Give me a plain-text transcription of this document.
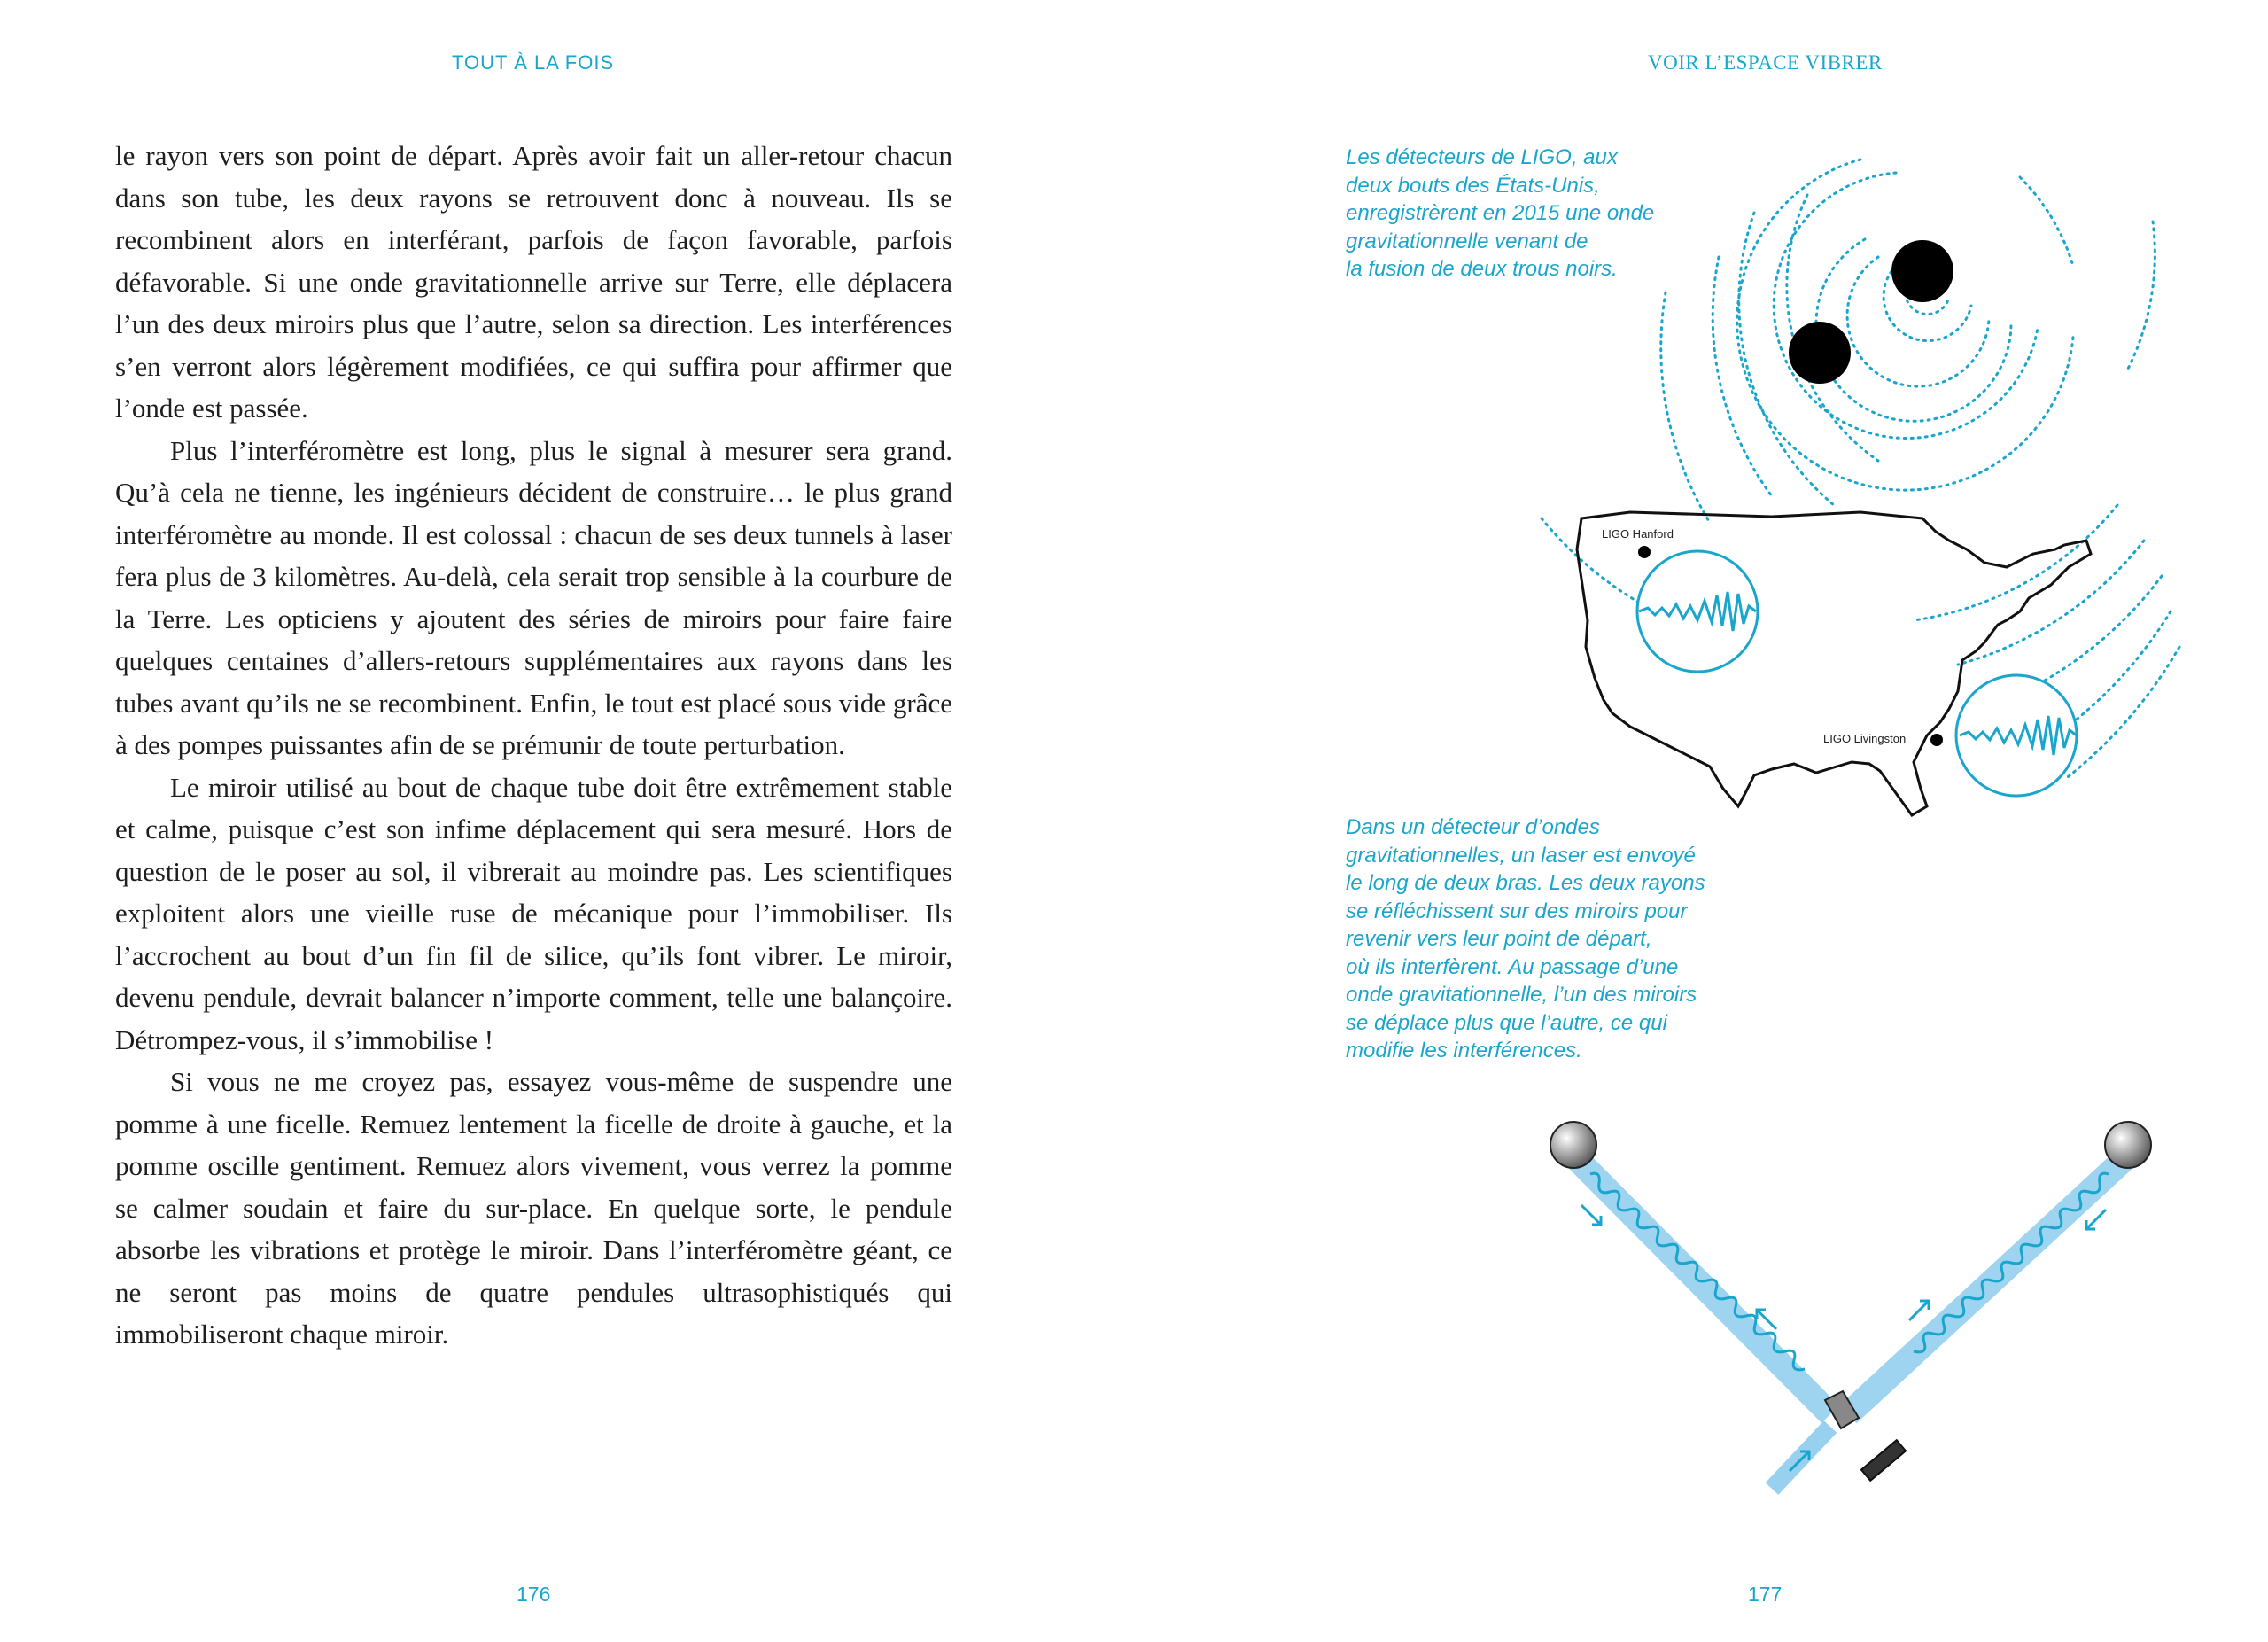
TOUT À LA FOIS

le rayon vers son point de départ. Après avoir fait un aller-retour chacun dans son tube, les deux rayons se retrouvent donc à nouveau. Ils se recombinent alors en interférant, parfois de façon favorable, parfois défavorable. Si une onde gravitationnelle arrive sur Terre, elle déplacera l’un des deux miroirs plus que l’autre, selon sa direction. Les interférences s’en verront alors légèrement modifiées, ce qui suffira pour affirmer que l’onde est passée.

Plus l’interféromètre est long, plus le signal à mesurer sera grand. Qu’à cela ne tienne, les ingénieurs décident de construire… le plus grand interféromètre au monde. Il est colossal : chacun de ses deux tunnels à laser fera plus de 3 kilomètres. Au-delà, cela serait trop sensible à la courbure de la Terre. Les opticiens y ajoutent des séries de miroirs pour faire faire quelques centaines d’allers-retours supplémentaires aux rayons dans les tubes avant qu’ils ne se recombinent. Enfin, le tout est placé sous vide grâce à des pompes puissantes afin de se prémunir de toute perturbation.

Le miroir utilisé au bout de chaque tube doit être extrêmement stable et calme, puisque c’est son infime déplacement qui sera mesuré. Hors de question de le poser au sol, il vibrerait au moindre pas. Les scientifiques exploitent alors une vieille ruse de mécanique pour l’immobiliser. Ils l’accrochent au bout d’un fin fil de silice, qu’ils font vibrer. Le miroir, devenu pendule, devrait balancer n’importe comment, telle une balançoire. Détrompez-vous, il s’immobilise !

Si vous ne me croyez pas, essayez vous-même de suspendre une pomme à une ficelle. Remuez lentement la ficelle de droite à gauche, et la pomme oscille gentiment. Remuez alors vivement, vous verrez la pomme se calmer soudain et faire du sur-place. En quelque sorte, le pendule absorbe les vibrations et protège le miroir. Dans l’interféromètre géant, ce ne seront pas moins de quatre pendules ultrasophistiqués qui immobiliseront chaque miroir.

176
VOIR L’ESPACE VIBRER
Les détecteurs de LIGO, aux
deux bouts des États-Unis,
enregistrèrent en 2015 une onde
gravitationnelle venant de
la fusion de deux trous noirs.
Dans un détecteur d’ondes
gravitationnelles, un laser est envoyé
le long de deux bras. Les deux rayons
se réfléchissent sur des miroirs pour
revenir vers leur point de départ,
où ils interfèrent. Au passage d’une
onde gravitationnelle, l’un des miroirs
se déplace plus que l’autre, ce qui
modifie les interférences.
LIGO Hanford
LIGO Livingston
177
